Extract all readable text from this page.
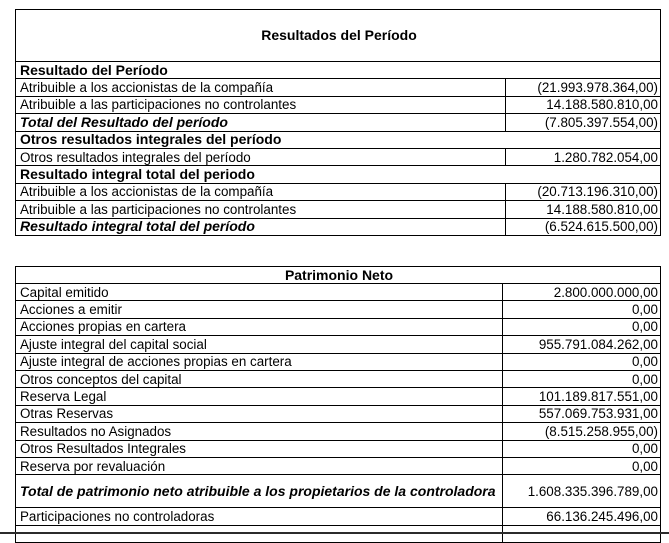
Resultados del Período	
Resultado del Período	
Atribuible a los accionistas de la compañía	(21.993.978.364,00)
Atribuible a las participaciones no controlantes	14.188.580.810,00
Total del Resultado del período	(7.805.397.554,00)
Otros resultados integrales del período	
Otros resultados integrales del período	1.280.782.054,00
Resultado integral total del periodo	
Atribuible a los accionistas de la compañía	(20.713.196.310,00)
Atribuible a las participaciones no controlantes	14.188.580.810,00
Resultado integral total del período	(6.524.615.500,00)
Patrimonio Neto	
Capital emitido	2.800.000.000,00
Acciones a emitir	0,00
Acciones propias en cartera	0,00
Ajuste integral del capital social	955.791.084.262,00
Ajuste integral de acciones propias en cartera	0,00
Otros conceptos del capital	0,00
Reserva Legal	101.189.817.551,00
Otras Reservas	557.069.753.931,00
Resultados no Asignados	(8.515.258.955,00)
Otros Resultados Integrales	0,00
Reserva por revaluación	0,00
Total de patrimonio neto atribuible a los propietarios de la controladora	1.608.335.396.789,00
Participaciones no controladoras	66.136.245.496,00
